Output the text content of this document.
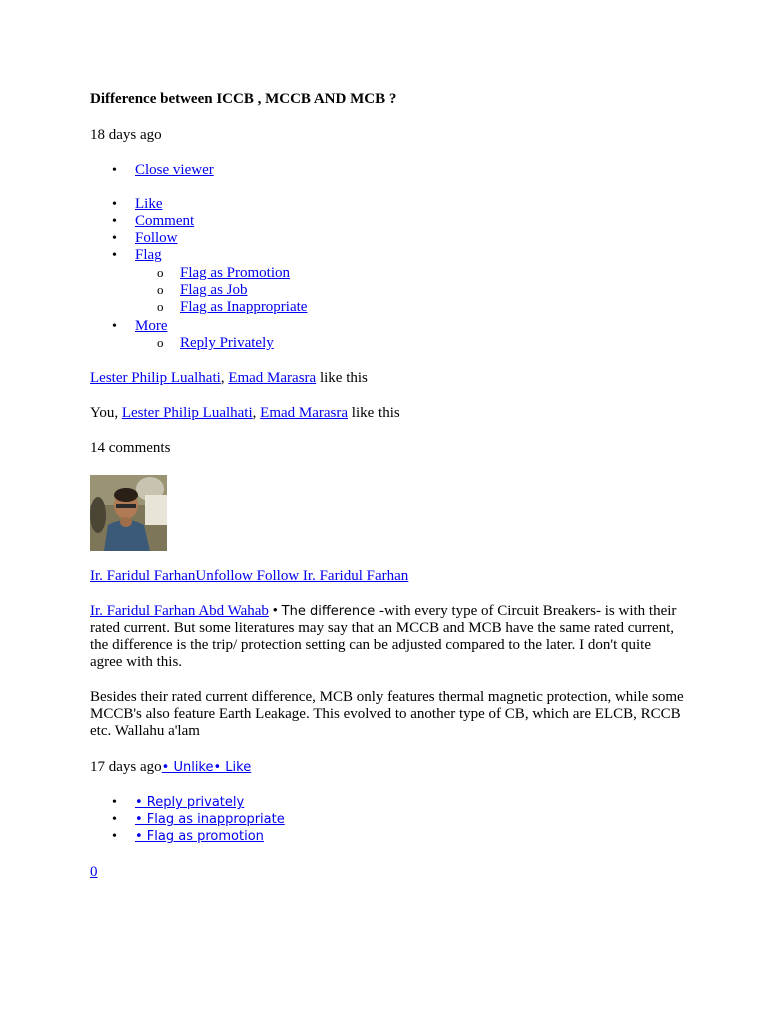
Difference between ICCB , MCCB AND MCB ?
18 days ago
• Close viewer
• Like
• Comment
• Follow
• Flag
o Flag as Promotion
o Flag as Job
o Flag as Inappropriate
• More
o Reply Privately
Lester Philip Lualhati, Emad Marasra like this
You, Lester Philip Lualhati, Emad Marasra like this
14 comments
Ir. Faridul FarhanUnfollow Follow Ir. Faridul Farhan
Ir. Faridul Farhan Abd Wahab • The difference -with every type of Circuit Breakers- is with their rated current. But some literatures may say that an MCCB and MCB have the same rated current, the difference is the trip/ protection setting can be adjusted compared to the later. I don't quite agree with this.
Besides their rated current difference, MCB only features thermal magnetic protection, while some MCCB's also feature Earth Leakage. This evolved to another type of CB, which are ELCB, RCCB etc. Wallahu a'lam
17 days ago• Unlike• Like
• • Reply privately
• • Flag as inappropriate
• • Flag as promotion
0
